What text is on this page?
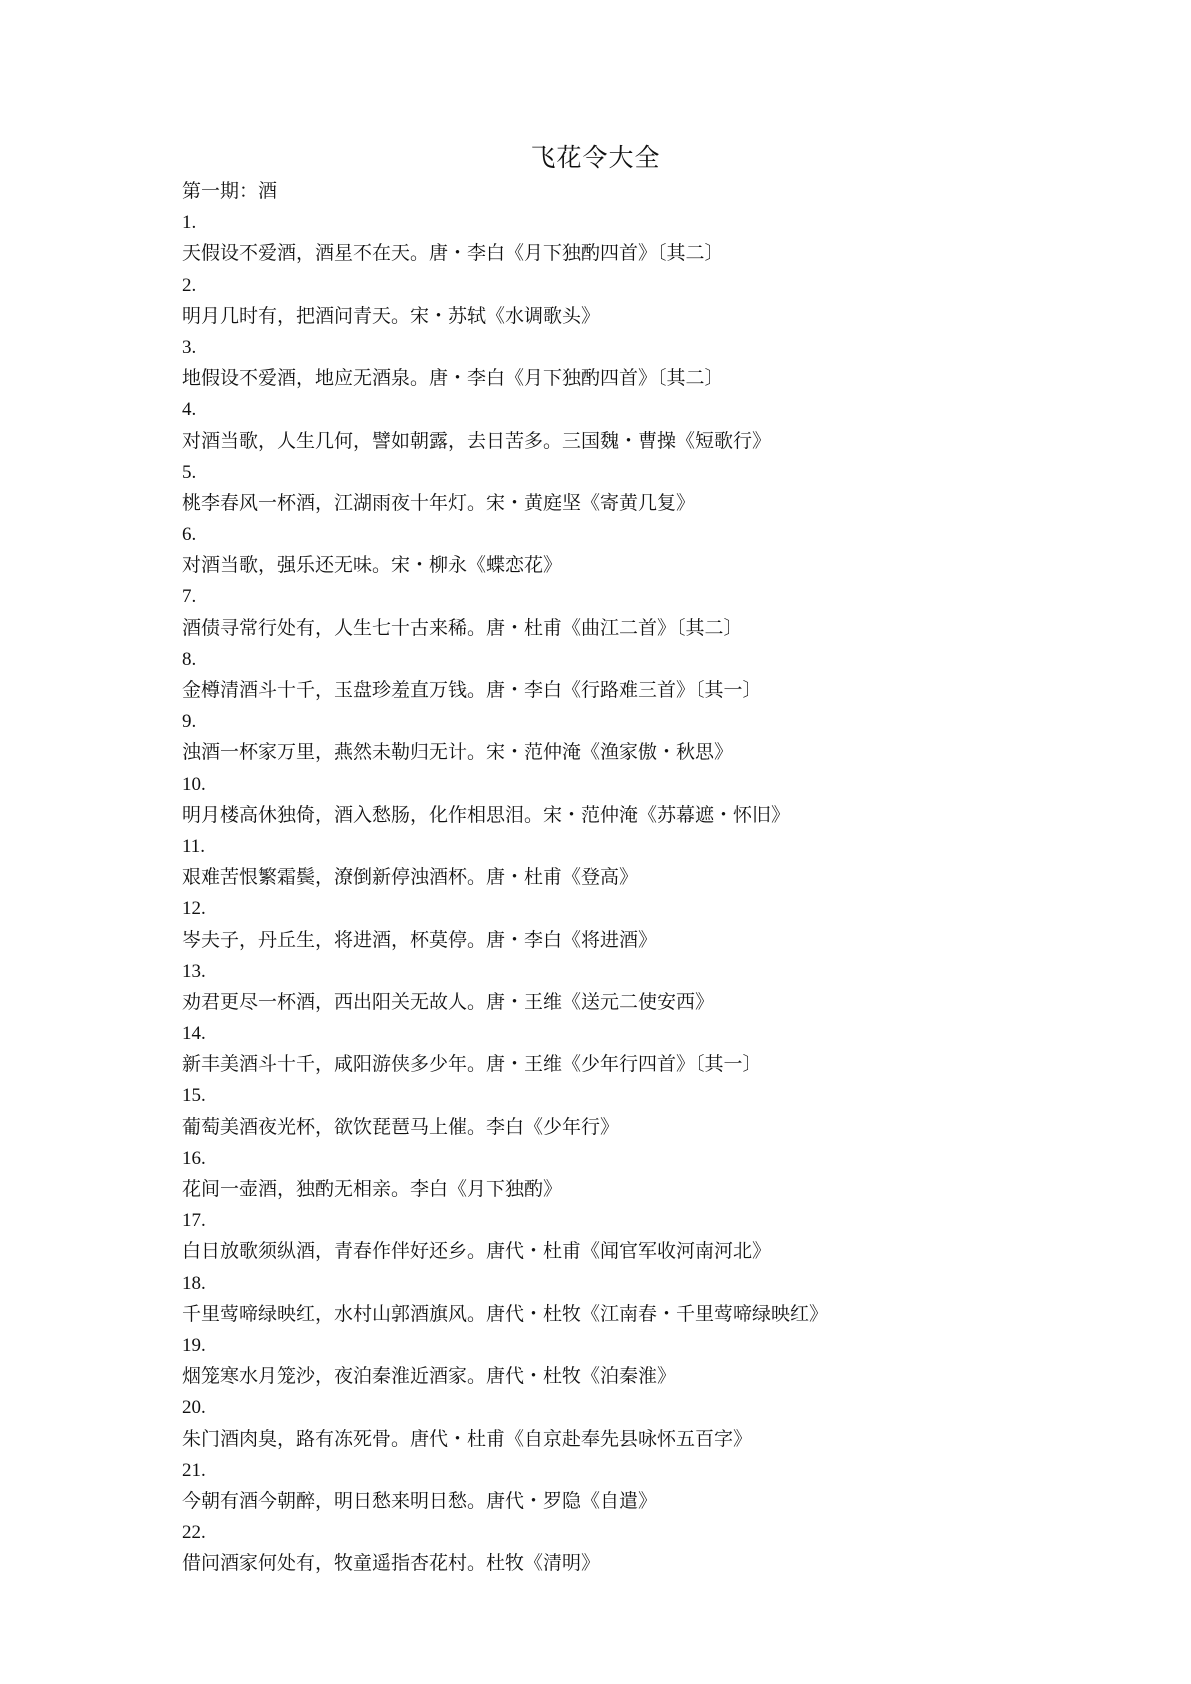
飞花令大全
第一期：酒
1.
天假设不爱酒，酒星不在天。唐・李白《月下独酌四首》〔其二〕
2.
明月几时有，把酒问青天。宋・苏轼《水调歌头》
3.
地假设不爱酒，地应无酒泉。唐・李白《月下独酌四首》〔其二〕
4.
对酒当歌，人生几何，譬如朝露，去日苦多。三国魏・曹操《短歌行》
5.
桃李春风一杯酒，江湖雨夜十年灯。宋・黄庭坚《寄黄几复》
6.
对酒当歌，强乐还无味。宋・柳永《蝶恋花》
7.
酒债寻常行处有，人生七十古来稀。唐・杜甫《曲江二首》〔其二〕
8.
金樽清酒斗十千，玉盘珍羞直万钱。唐・李白《行路难三首》〔其一〕
9.
浊酒一杯家万里，燕然未勒归无计。宋・范仲淹《渔家傲・秋思》
10.
明月楼高休独倚，酒入愁肠，化作相思泪。宋・范仲淹《苏幕遮・怀旧》
11.
艰难苦恨繁霜鬓，潦倒新停浊酒杯。唐・杜甫《登高》
12.
岑夫子，丹丘生，将进酒，杯莫停。唐・李白《将进酒》
13.
劝君更尽一杯酒，西出阳关无故人。唐・王维《送元二使安西》
14.
新丰美酒斗十千，咸阳游侠多少年。唐・王维《少年行四首》〔其一〕
15.
葡萄美酒夜光杯，欲饮琵琶马上催。李白《少年行》
16.
花间一壶酒，独酌无相亲。李白《月下独酌》
17.
白日放歌须纵酒，青春作伴好还乡。唐代・杜甫《闻官军收河南河北》
18.
千里莺啼绿映红，水村山郭酒旗风。唐代・杜牧《江南春・千里莺啼绿映红》
19.
烟笼寒水月笼沙，夜泊秦淮近酒家。唐代・杜牧《泊秦淮》
20.
朱门酒肉臭，路有冻死骨。唐代・杜甫《自京赴奉先县咏怀五百字》
21.
今朝有酒今朝醉，明日愁来明日愁。唐代・罗隐《自遣》
22.
借问酒家何处有，牧童遥指杏花村。杜牧《清明》
